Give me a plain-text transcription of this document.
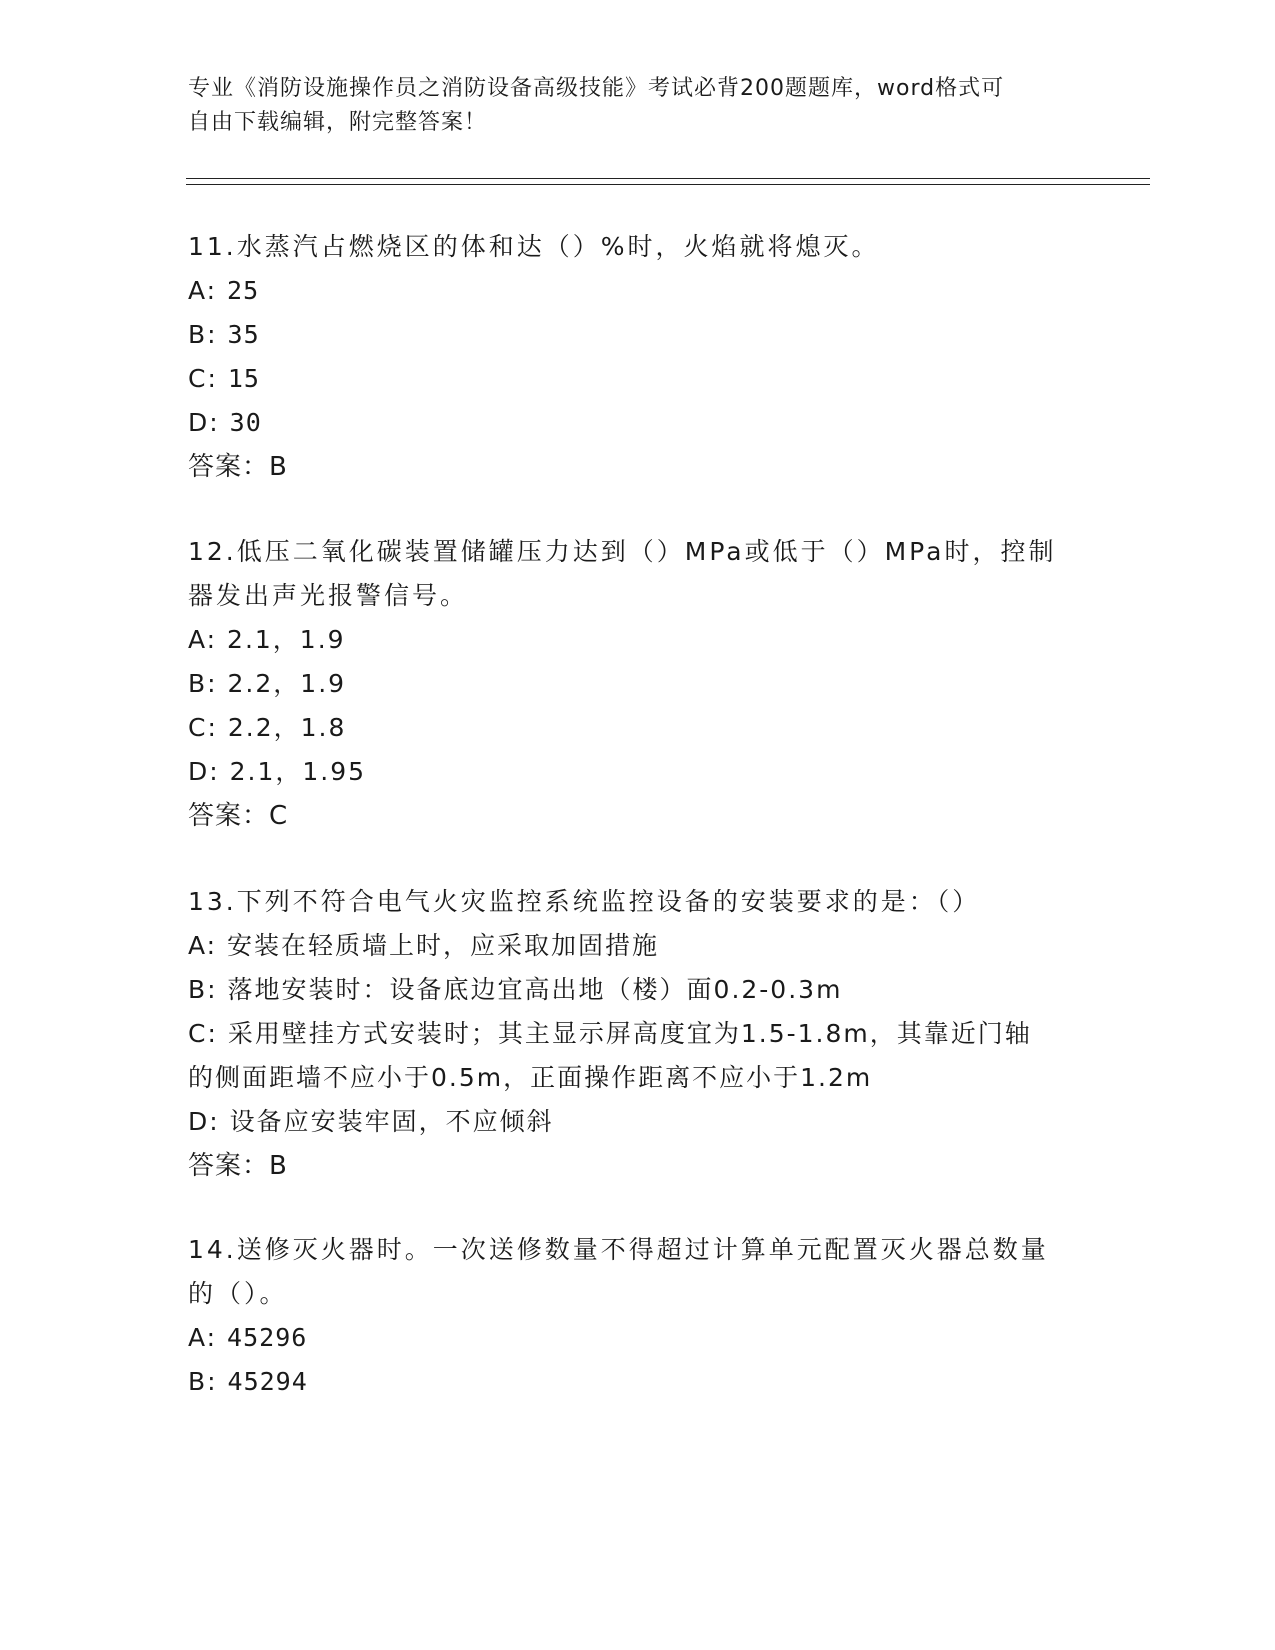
专业《消防设施操作员之消防设备高级技能》考试必背200题题库，word格式可
自由下载编辑，附完整答案！

11.水蒸汽占燃烧区的体和达（）%时，火焰就将熄灭。

A: 25

B: 35

C: 15

D: 30

答案：B

12.低压二氧化碳装置储罐压力达到（）MPa或低于（）MPa时，控制

器发出声光报警信号。

A: 2.1，1.9

B: 2.2，1.9

C: 2.2，1.8

D: 2.1，1.95

答案：C

13.下列不符合电气火灾监控系统监控设备的安装要求的是：（）

A: 安装在轻质墙上时，应采取加固措施

B: 落地安装时：设备底边宜高出地（楼）面0.2-0.3m

C: 采用壁挂方式安装时；其主显示屏高度宜为1.5-1.8m，其靠近门轴

的侧面距墙不应小于0.5m，正面操作距离不应小于1.2m

D: 设备应安装牢固，不应倾斜

答案：B

14.送修灭火器时。一次送修数量不得超过计算单元配置灭火器总数量

的（）。

A: 45296

B: 45294
